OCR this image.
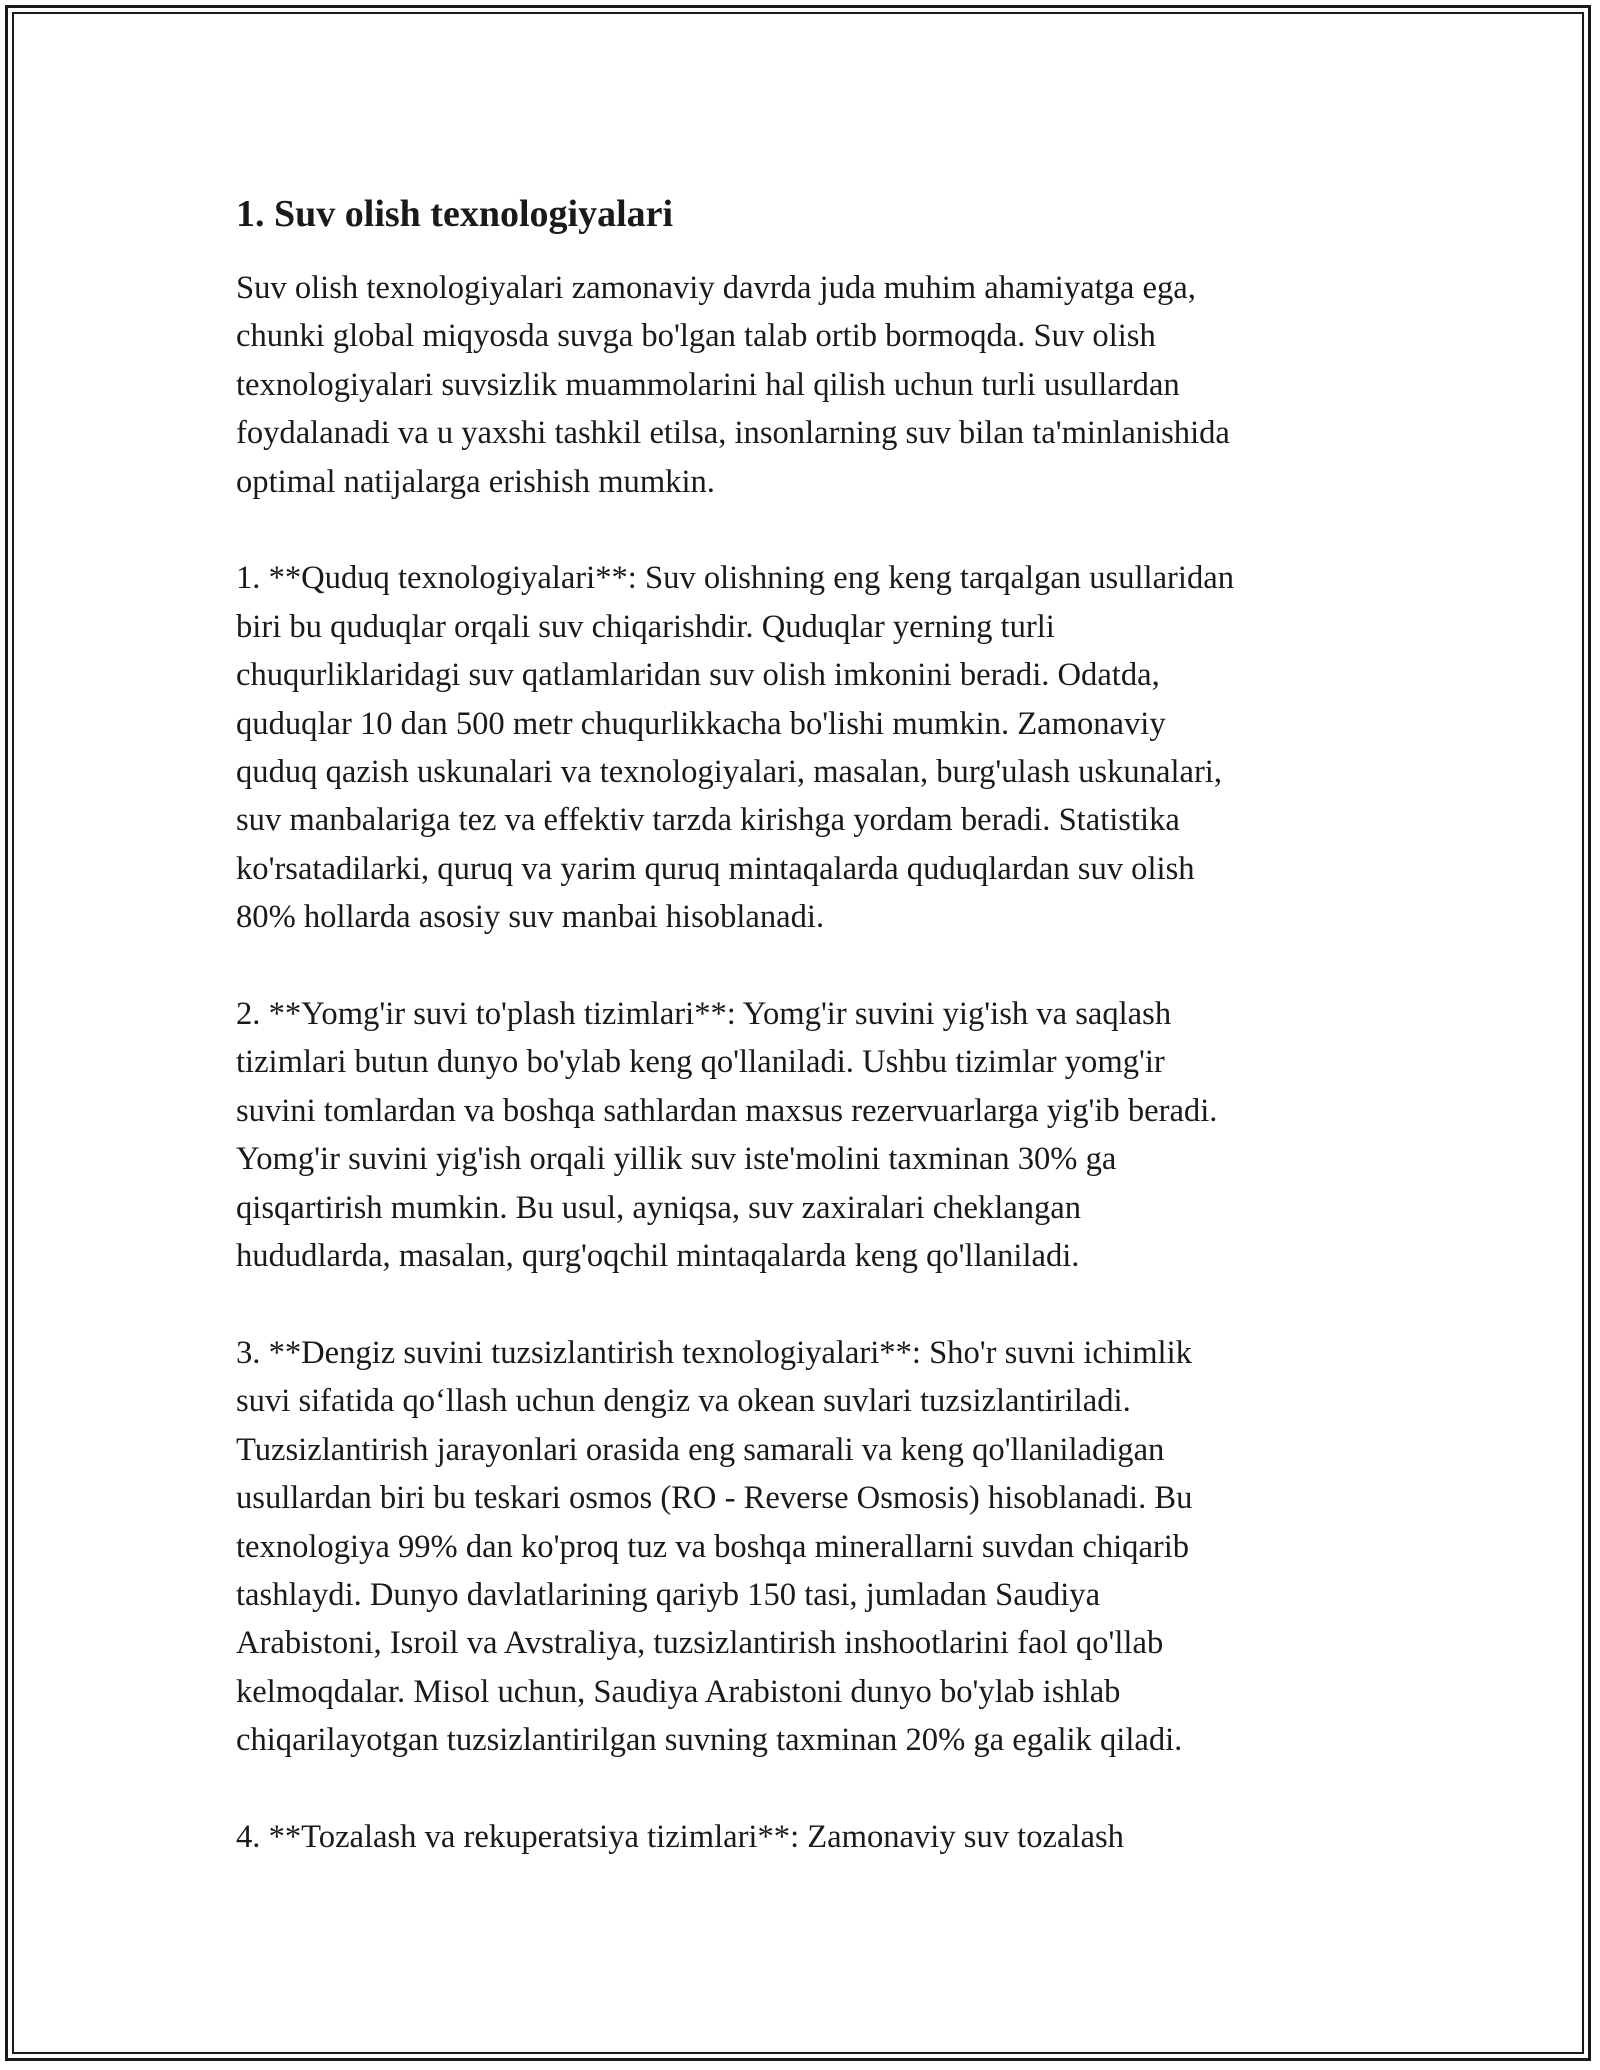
1. Suv olish texnologiyalari
Suv olish texnologiyalari zamonaviy davrda juda muhim ahamiyatga ega,
chunki global miqyosda suvga bo'lgan talab ortib bormoqda. Suv olish
texnologiyalari suvsizlik muammolarini hal qilish uchun turli usullardan
foydalanadi va u yaxshi tashkil etilsa, insonlarning suv bilan ta'minlanishida
optimal natijalarga erishish mumkin.
1. **Quduq texnologiyalari**: Suv olishning eng keng tarqalgan usullaridan
biri bu quduqlar orqali suv chiqarishdir. Quduqlar yerning turli
chuqurliklaridagi suv qatlamlaridan suv olish imkonini beradi. Odatda,
quduqlar 10 dan 500 metr chuqurlikkacha bo'lishi mumkin. Zamonaviy
quduq qazish uskunalari va texnologiyalari, masalan, burg'ulash uskunalari,
suv manbalariga tez va effektiv tarzda kirishga yordam beradi. Statistika
ko'rsatadilarki, quruq va yarim quruq mintaqalarda quduqlardan suv olish
80% hollarda asosiy suv manbai hisoblanadi.
2. **Yomg'ir suvi to'plash tizimlari**: Yomg'ir suvini yig'ish va saqlash
tizimlari butun dunyo bo'ylab keng qo'llaniladi. Ushbu tizimlar yomg'ir
suvini tomlardan va boshqa sathlardan maxsus rezervuarlarga yig'ib beradi.
Yomg'ir suvini yig'ish orqali yillik suv iste'molini taxminan 30% ga
qisqartirish mumkin. Bu usul, ayniqsa, suv zaxiralari cheklangan
hududlarda, masalan, qurg'oqchil mintaqalarda keng qo'llaniladi.
3. **Dengiz suvini tuzsizlantirish texnologiyalari**: Sho'r suvni ichimlik
suvi sifatida qo‘llash uchun dengiz va okean suvlari tuzsizlantiriladi.
Tuzsizlantirish jarayonlari orasida eng samarali va keng qo'llaniladigan
usullardan biri bu teskari osmos (RO - Reverse Osmosis) hisoblanadi. Bu
texnologiya 99% dan ko'proq tuz va boshqa minerallarni suvdan chiqarib
tashlaydi. Dunyo davlatlarining qariyb 150 tasi, jumladan Saudiya
Arabistoni, Isroil va Avstraliya, tuzsizlantirish inshootlarini faol qo'llab
kelmoqdalar. Misol uchun, Saudiya Arabistoni dunyo bo'ylab ishlab
chiqarilayotgan tuzsizlantirilgan suvning taxminan 20% ga egalik qiladi.
4. **Tozalash va rekuperatsiya tizimlari**: Zamonaviy suv tozalash
